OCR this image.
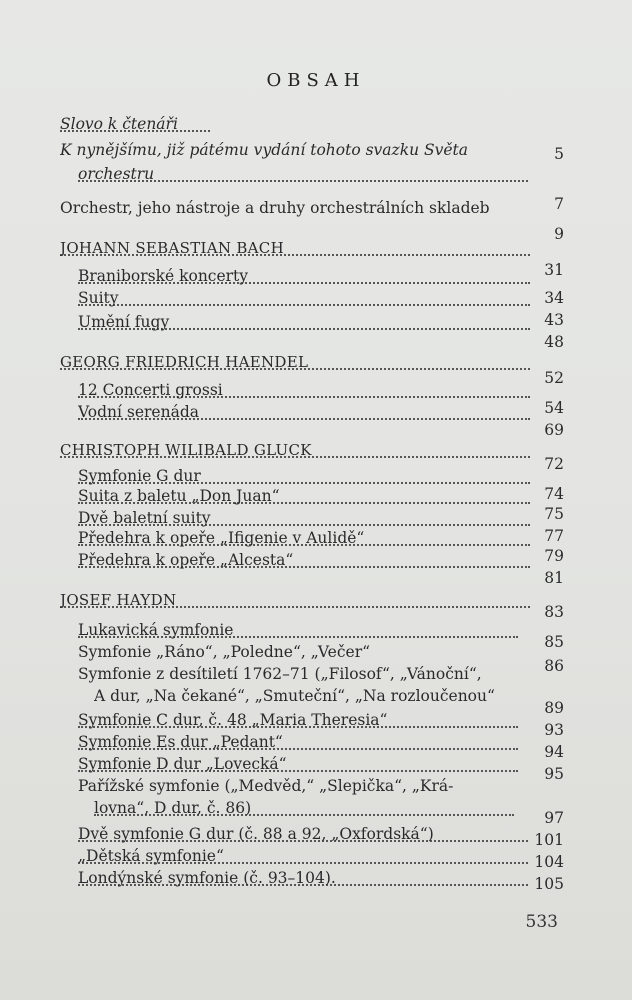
OBSAH
Slovo k čtenáři
K nynějšímu, již pátému vydání tohoto svazku Světa
orchestru
Orchestr, jeho nástroje a druhy orchestrálních skladeb
JOHANN SEBASTIAN BACH
Braniborské koncerty
Suity
Umění fugy
GEORG FRIEDRICH HAENDEL
12 Concerti grossi
Vodní serenáda
CHRISTOPH WILIBALD GLUCK
Symfonie G dur
Suita z baletu „Don Juan“
Dvě baletní suity
Předehra k opeře „Ifigenie v Aulidě“
Předehra k opeře „Alcesta“
JOSEF HAYDN
Lukavická symfonie
Symfonie „Ráno“, „Poledne“, „Večer“
Symfonie z desítiletí 1762–71 („Filosof“, „Vánoční“,
A dur, „Na čekané“, „Smuteční“, „Na rozloučenou“
Symfonie C dur, č. 48 „Maria Theresia“
Symfonie Es dur „Pedant“
Symfonie D dur „Lovecká“
Pařížské symfonie („Medvěd,“ „Slepička“, „Krá-
lovna“, D dur, č. 86)
Dvě symfonie G dur (č. 88 a 92, „Oxfordská“)
„Dětská symfonie“
Londýnské symfonie (č. 93–104).
5
7
9
31
34
43
48
52
54
69
72
74
75
77
79
81
83
85
86
89
93
94
95
97
101
104
105
533
